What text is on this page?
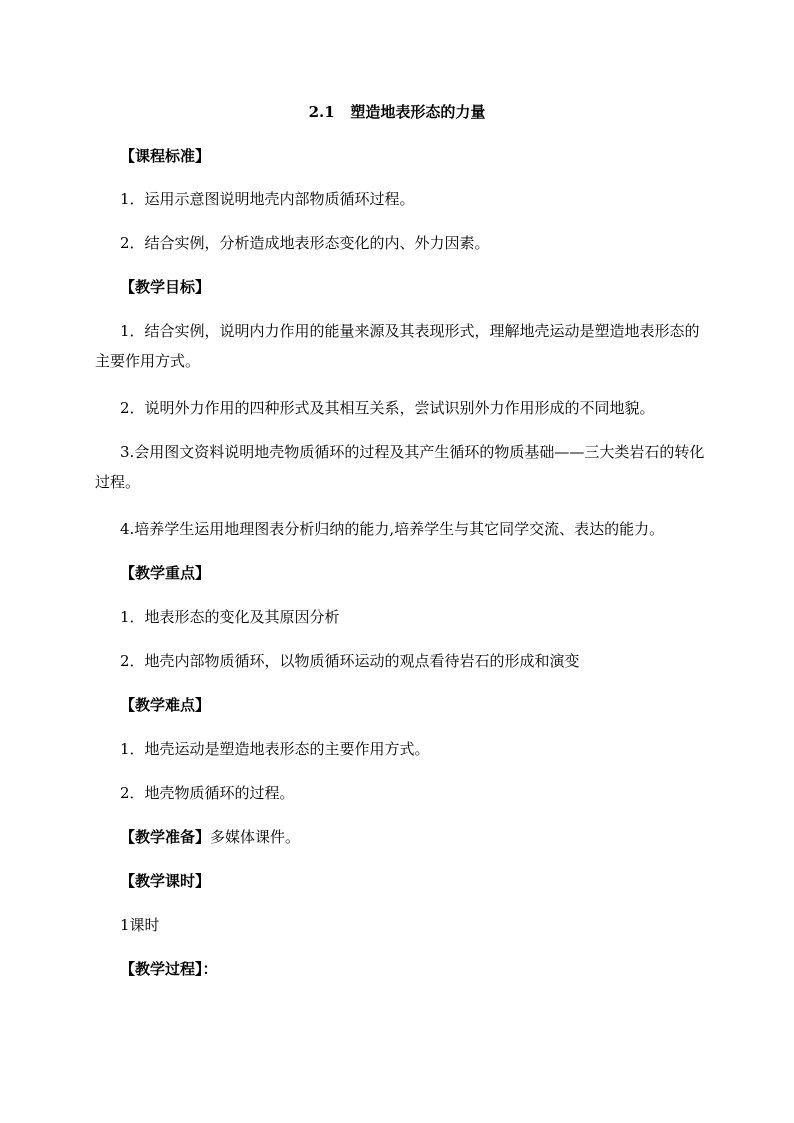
2.1   塑造地表形态的力量
【课程标准】
1．运用示意图说明地壳内部物质循环过程。
2．结合实例，分析造成地表形态变化的内、外力因素。
【教学目标】
1．结合实例，说明内力作用的能量来源及其表现形式，理解地壳运动是塑造地表形态的主要作用方式。
2．说明外力作用的四种形式及其相互关系，尝试识别外力作用形成的不同地貌。
3.会用图文资料说明地壳物质循环的过程及其产生循环的物质基础——三大类岩石的转化过程。
4.培养学生运用地理图表分析归纳的能力,培养学生与其它同学交流、表达的能力。
【教学重点】
1．地表形态的变化及其原因分析
2．地壳内部物质循环，以物质循环运动的观点看待岩石的形成和演变
【教学难点】
1．地壳运动是塑造地表形态的主要作用方式。
2．地壳物质循环的过程。
【教学准备】多媒体课件。
【教学课时】
1课时
【教学过程】：
